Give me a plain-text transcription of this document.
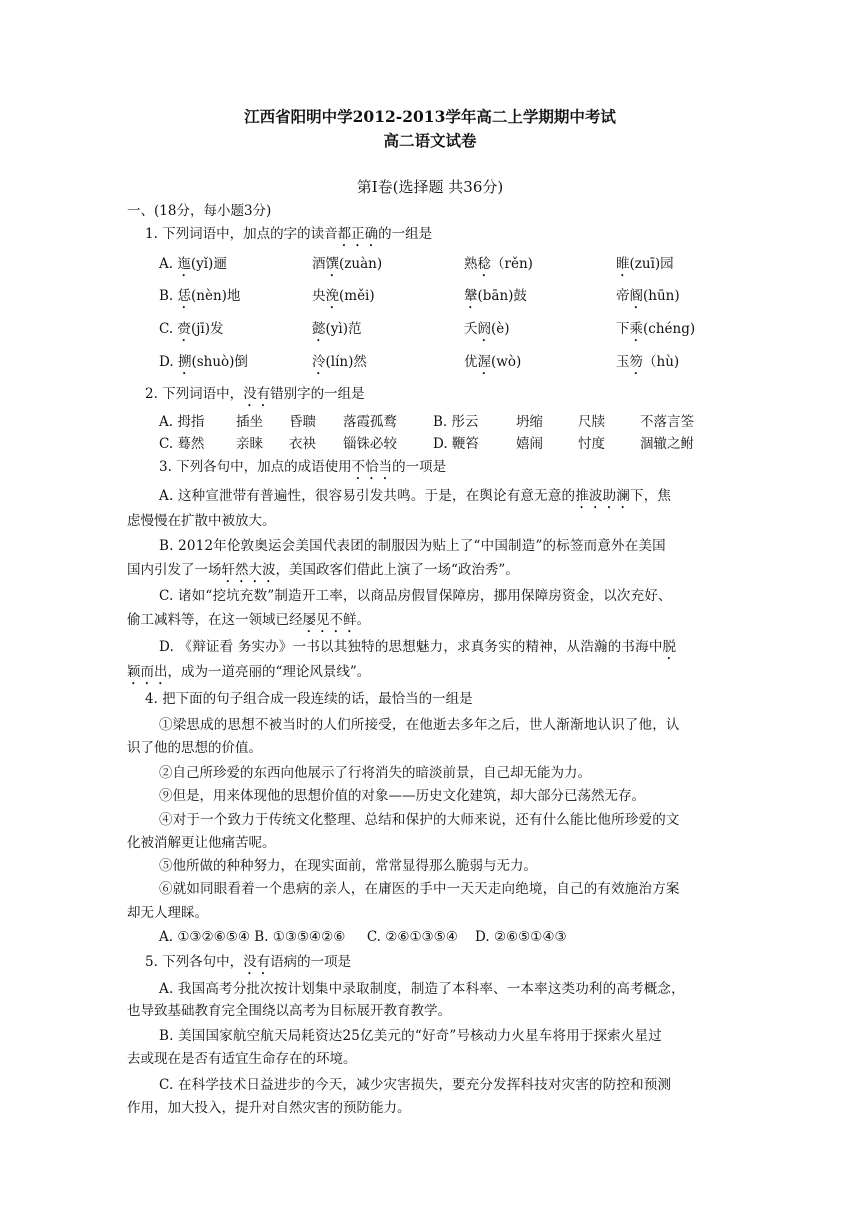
江西省阳明中学2012-2013学年高二上学期期中考试
高二语文试卷
第Ⅰ卷(选择题 共36分)
一、(18分，每小题3分)
1. 下列词语中，加点的字的读音都正确的一组是
A. 迤(yǐ)逦	酒馔(zuàn)	熟稔（rěn)	睢(zuī)园
B. 恁(nèn)地	央浼(měi)	鞶(bān)鼓	帝阍(hūn)
C. 赍(jī)发	懿(yì)范	夭阏(è)	下乘(chéng)
D. 搠(shuò)倒	泠(lín)然	优渥(wò)	玉笏（hù)
2. 下列词语中，没有错别字的一组是
A. 拇指 插坐 昏聩 落霞孤鹜	B. 彤云	坍缩	尺牍	不落言筌
C. 蓦然 亲睐 衣袂 锱铢必较	D. 鞭笞	嬉闹	忖度	涸辙之鲋
3. 下列各句中，加点的成语使用不恰当的一项是
A. 这种宣泄带有普遍性，很容易引发共鸣。于是，在舆论有意无意的推波助澜下，焦
虑慢慢在扩散中被放大。
B. 2012年伦敦奥运会美国代表团的制服因为贴上了“中国制造”的标签而意外在美国
国内引发了一场轩然大波，美国政客们借此上演了一场“政治秀”。
C. 诸如“挖坑充数”制造开工率，以商品房假冒保障房，挪用保障房资金，以次充好、
偷工减料等，在这一领域已经屡见不鲜。
D. 《辩证看 务实办》一书以其独特的思想魅力，求真务实的精神，从浩瀚的书海中脱
颖而出，成为一道亮丽的“理论风景线”。
4. 把下面的句子组合成一段连续的话，最恰当的一组是
①梁思成的思想不被当时的人们所接受，在他逝去多年之后，世人渐渐地认识了他，认
识了他的思想的价值。
②自己所珍爱的东西向他展示了行将消失的暗淡前景，自己却无能为力。
⑨但是，用来体现他的思想价值的对象——历史文化建筑，却大部分已荡然无存。
④对于一个致力于传统文化整理、总结和保护的大师来说，还有什么能比他所珍爱的文
化被消解更让他痛苦呢。
⑤他所做的种种努力，在现实面前，常常显得那么脆弱与无力。
⑥就如同眼看着一个患病的亲人，在庸医的手中一天天走向绝境，自己的有效施治方案
却无人理睬。
A. ①③②⑥⑤④ B. ①③⑤④②⑥     C. ②⑥①③⑤④    D. ②⑥⑤①④③
5. 下列各句中，没有语病的一项是
A. 我国高考分批次按计划集中录取制度，制造了本科率、一本率这类功利的高考概念，
也导致基础教育完全围绕以高考为目标展开教育教学。
B. 美国国家航空航天局耗资达25亿美元的“好奇”号核动力火星车将用于探索火星过
去或现在是否有适宜生命存在的环境。
C. 在科学技术日益进步的今天，减少灾害损失，要充分发挥科技对灾害的防控和预测
作用，加大投入，提升对自然灾害的预防能力。
